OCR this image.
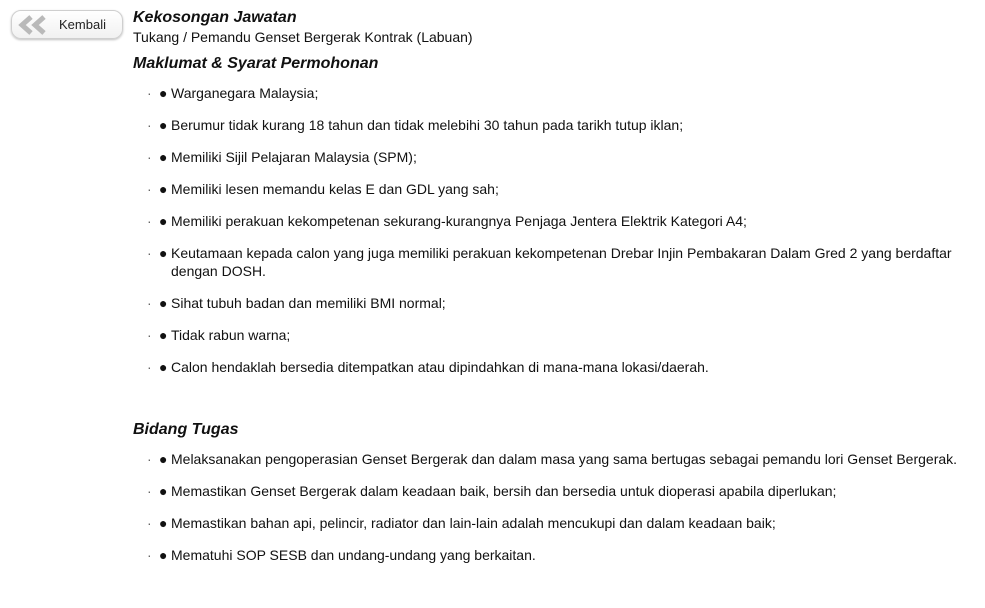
Kembali Kekosongan Jawatan

Tukang / Pemandu Genset Bergerak Kontrak (Labuan)

Maklumat & Syarat Permohonan
· ● Warganegara Malaysia;
· ● Berumur tidak kurang 18 tahun dan tidak melebihi 30 tahun pada tarikh tutup iklan;
· ● Memiliki Sijil Pelajaran Malaysia (SPM);
· ● Memiliki lesen memandu kelas E dan GDL yang sah;
· ● Memiliki perakuan kekompetenan sekurang-kurangnya Penjaga Jentera Elektrik Kategori A4;
· ● Keutamaan kepada calon yang juga memiliki perakuan kekompetenan Drebar Injin Pembakaran Dalam Gred 2 yang berdaftar dengan DOSH.
· ● Sihat tubuh badan dan memiliki BMI normal;
· ● Tidak rabun warna;
· ● Calon hendaklah bersedia ditempatkan atau dipindahkan di mana-mana lokasi/daerah.
Bidang Tugas
· ● Melaksanakan pengoperasian Genset Bergerak dan dalam masa yang sama bertugas sebagai pemandu lori Genset Bergerak.
· ● Memastikan Genset Bergerak dalam keadaan baik, bersih dan bersedia untuk dioperasi apabila diperlukan;
· ● Memastikan bahan api, pelincir, radiator dan lain-lain adalah mencukupi dan dalam keadaan baik;
· ● Mematuhi SOP SESB dan undang-undang yang berkaitan.
